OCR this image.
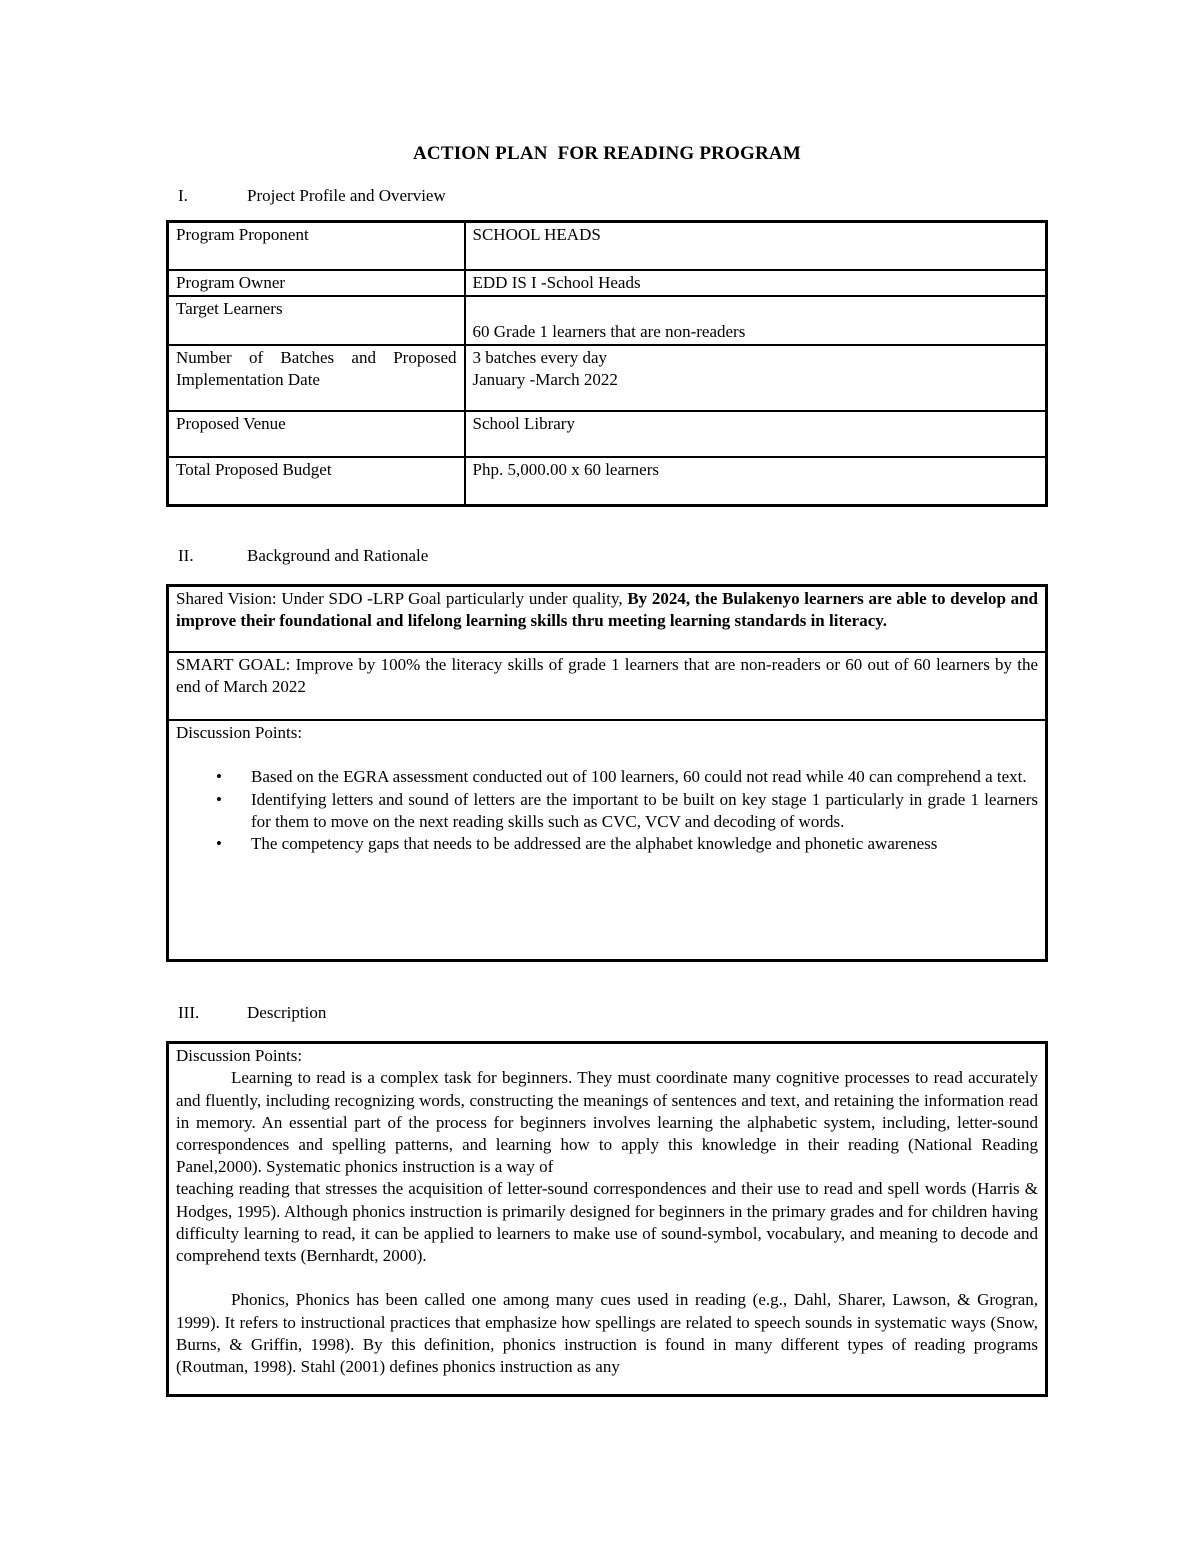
ACTION PLAN  FOR READING PROGRAM
I.	Project Profile and Overview
Program Proponent	SCHOOL HEADS
Program Owner	EDD IS I -School Heads
Target Learners	60 Grade 1 learners that are non-readers

Number of Batches and Proposed Implementation Date	3 batches every day
January -March 2022

Proposed Venue	School Library
Total Proposed Budget	Php. 5,000.00 x 60 learners
II.	Background and Rationale
Shared Vision: Under SDO -LRP Goal particularly under quality, By 2024, the Bulakenyo learners are able to develop and improve their foundational and lifelong learning skills thru meeting learning standards in literacy.
SMART GOAL: Improve by 100% the literacy skills of grade 1 learners that are non-readers or 60 out of 60 learners by the end of March 2022

Discussion Points:
• Based on the EGRA assessment conducted out of 100 learners, 60 could not read while 40 can comprehend a text.
• Identifying letters and sound of letters are the important to be built on key stage 1 particularly in grade 1 learners for them to move on the next reading skills such as CVC, VCV and decoding of words.
• The competency gaps that needs to be addressed are the alphabet knowledge and phonetic awareness
III.	Description
Discussion Points:
Learning to read is a complex task for beginners. They must coordinate many cognitive processes to read accurately and fluently, including recognizing words, constructing the meanings of sentences and text, and retaining the information read in memory. An essential part of the process for beginners involves learning the alphabetic system, including, letter-sound correspondences and spelling patterns, and learning how to apply this knowledge in their reading (National Reading Panel,2000). Systematic phonics instruction is a way of
teaching reading that stresses the acquisition of letter-sound correspondences and their use to read and spell words (Harris & Hodges, 1995). Although phonics instruction is primarily designed for beginners in the primary grades and for children having difficulty learning to read, it can be applied to learners to make use of sound-symbol, vocabulary, and meaning to decode and comprehend texts (Bernhardt, 2000).
Phonics, Phonics has been called one among many cues used in reading (e.g., Dahl, Sharer, Lawson, & Grogran, 1999). It refers to instructional practices that emphasize how spellings are related to speech sounds in systematic ways (Snow, Burns, & Griffin, 1998). By this definition, phonics instruction is found in many different types of reading programs (Routman, 1998). Stahl (2001) defines phonics instruction as any
